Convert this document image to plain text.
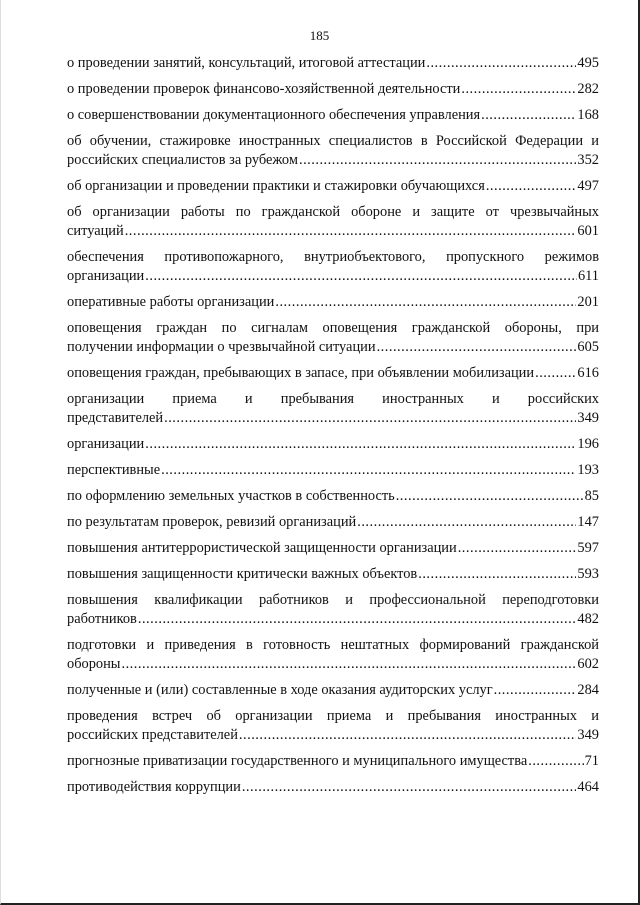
185
о проведении занятий, консультаций, итоговой аттестации .....	495
о проведении проверок финансово-хозяйственной деятельности .....	282
о совершенствовании документационного обеспечения управления .....	168
об обучении, стажировке иностранных специалистов в Российской Федерации и
российских специалистов за рубежом .....	352
об организации и проведении практики и стажировки обучающихся .....	497
об организации работы по гражданской обороне и защите от чрезвычайных
ситуаций .....	601
обеспечения противопожарного, внутриобъектового, пропускного режимов
организации .....	611
оперативные работы организации .....	201
оповещения граждан по сигналам оповещения гражданской обороны, при
получении информации о чрезвычайной ситуации .....	605
оповещения граждан, пребывающих в запасе, при объявлении мобилизации .....	616
организации приема и пребывания иностранных и российских
представителей .....	349
организации .....	196
перспективные .....	193
по оформлению земельных участков в собственность .....	85
по результатам проверок, ревизий организаций .....	147
повышения антитеррористической защищенности организации .....	597
повышения защищенности критически важных объектов .....	593
повышения квалификации работников и профессиональной переподготовки
работников .....	482
подготовки и приведения в готовность нештатных формирований гражданской
обороны .....	602
полученные и (или) составленные в ходе оказания аудиторских услуг .....	284
проведения встреч об организации приема и пребывания иностранных и
российских представителей .....	349
прогнозные приватизации государственного и муниципального имущества .....	71
противодействия коррупции .....	464
